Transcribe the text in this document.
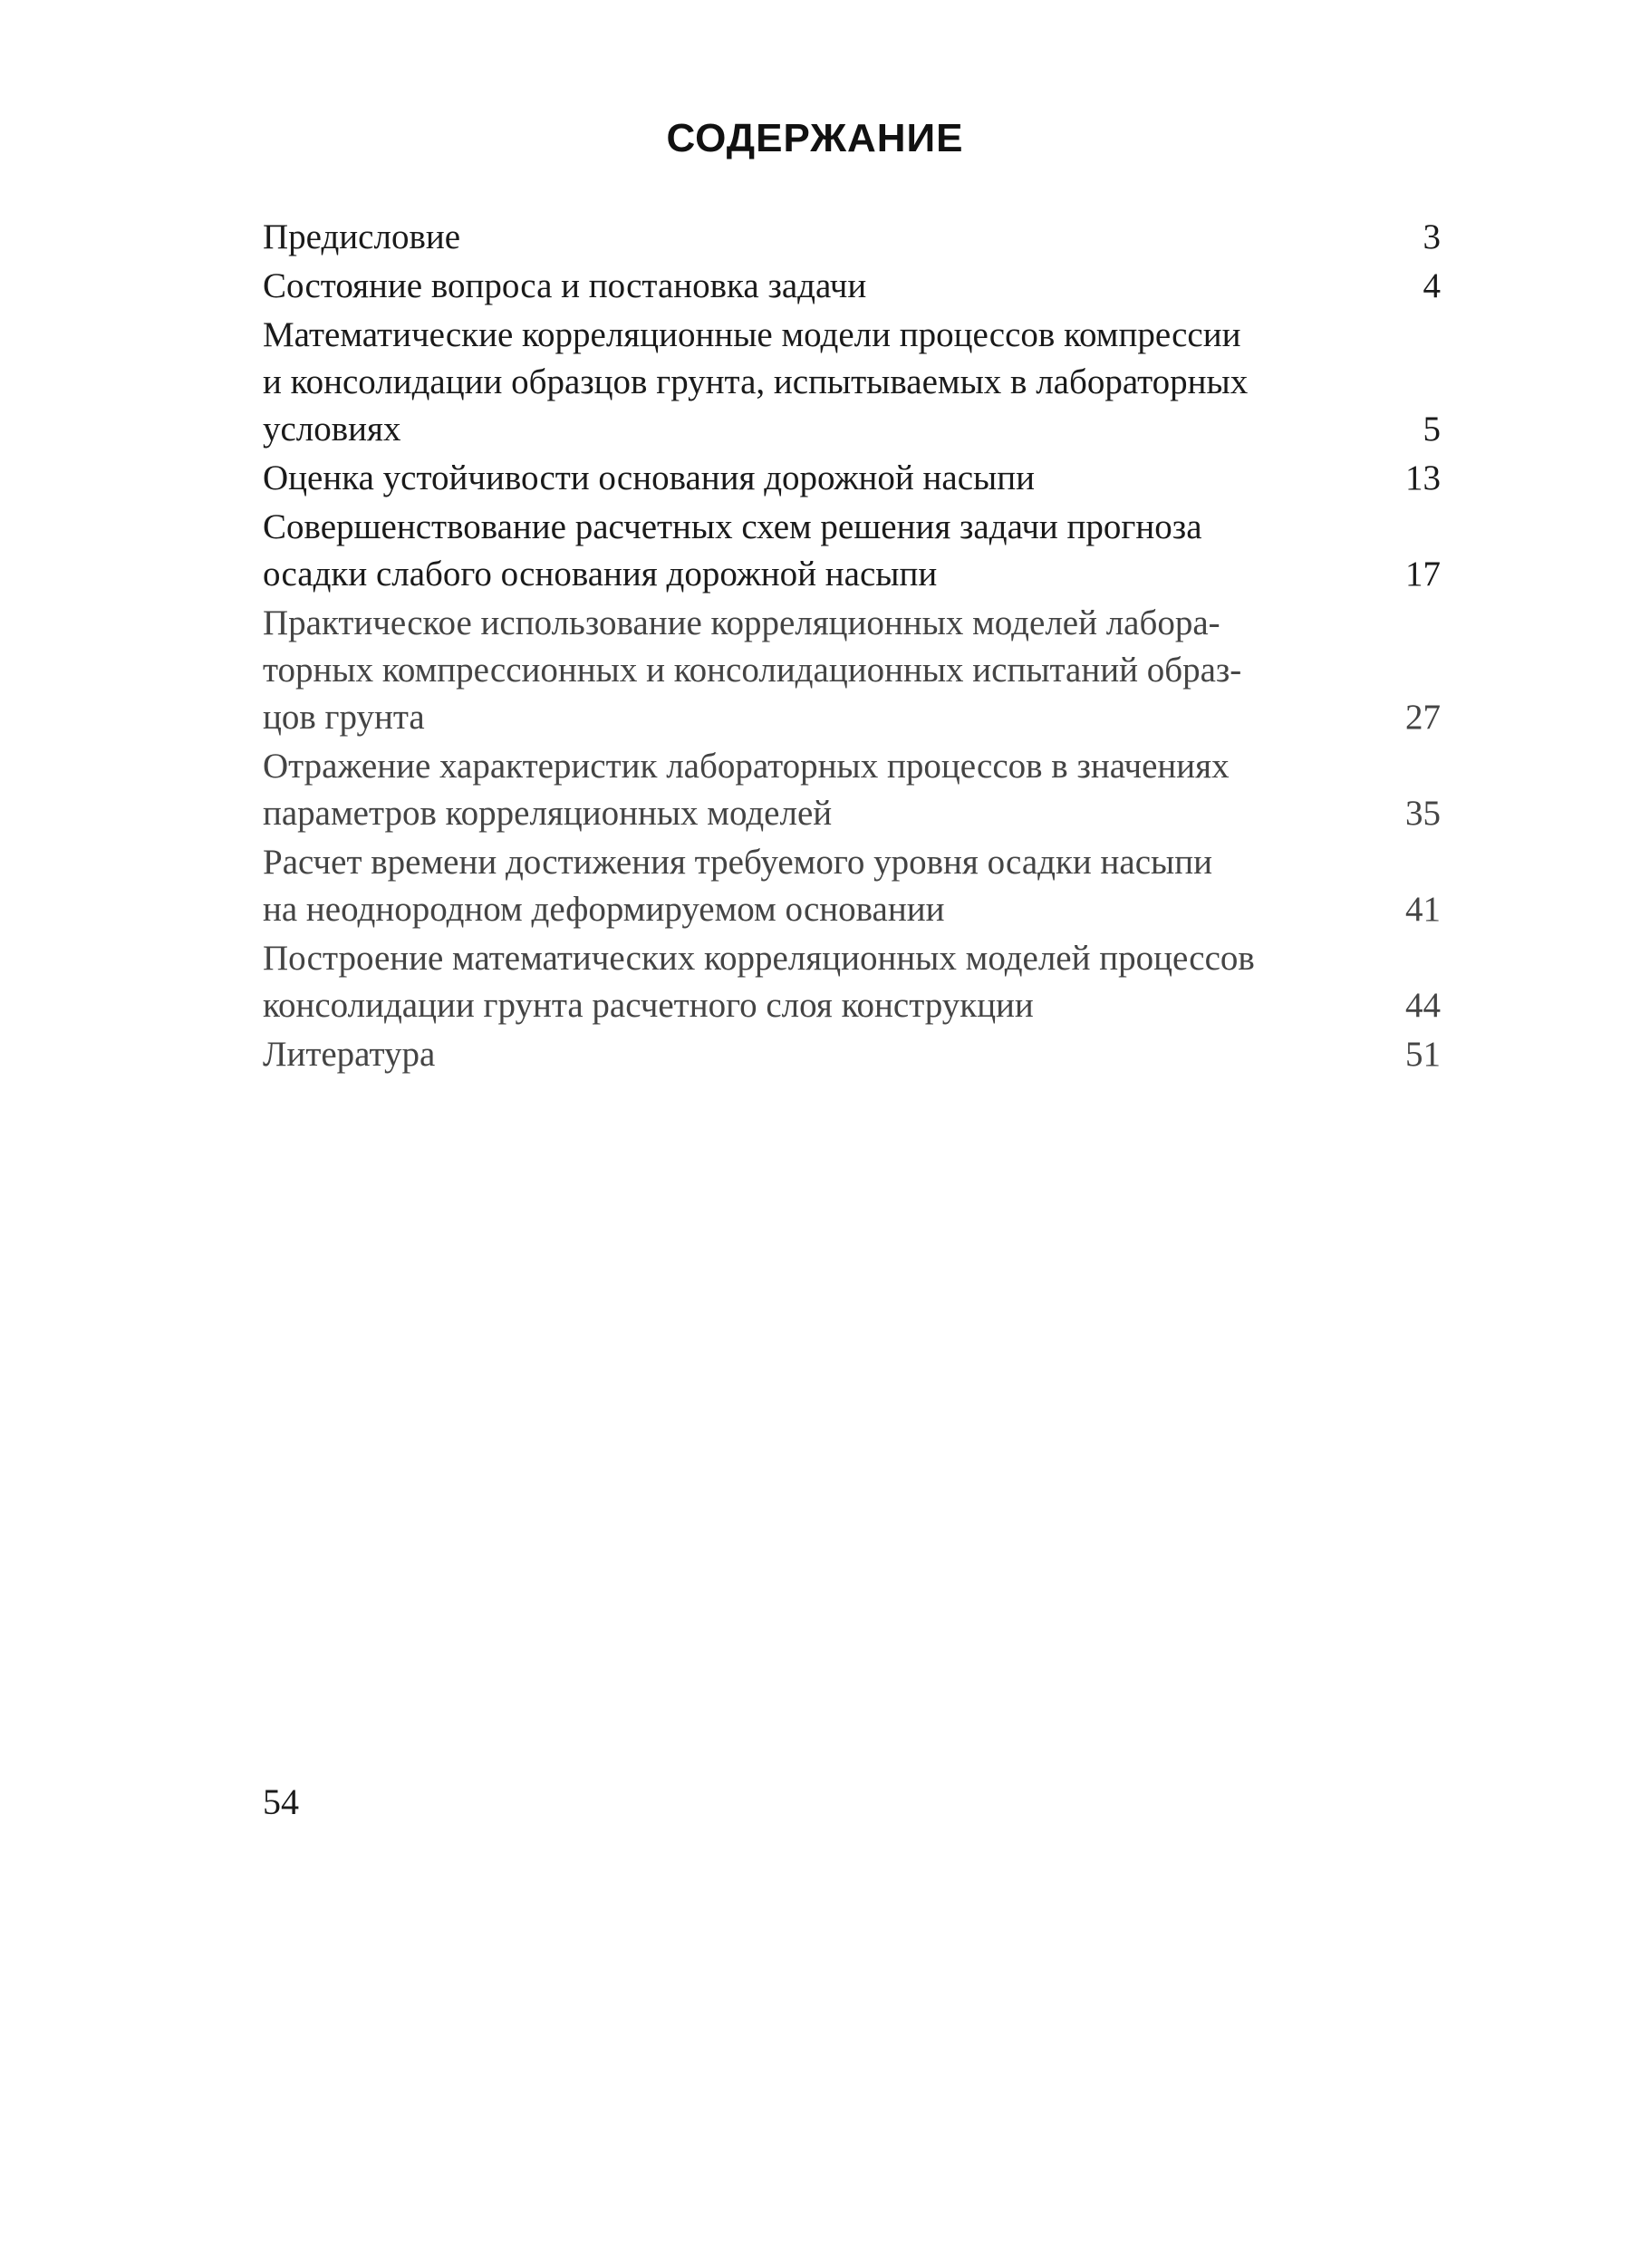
СОДЕРЖАНИЕ
Предисловие	3
Состояние вопроса и постановка задачи	4
Математические корреляционные модели процессов компрессии
и консолидации образцов грунта, испытываемых в лабораторных
условиях	5
Оценка устойчивости основания дорожной насыпи	13
Совершенствование расчетных схем решения задачи прогноза
осадки слабого основания дорожной насыпи	17
Практическое использование корреляционных моделей лабора-
торных компрессионных и консолидационных испытаний образ-
цов грунта	27
Отражение характеристик лабораторных процессов в значениях
параметров корреляционных моделей	35
Расчет времени достижения требуемого уровня осадки насыпи
на неоднородном деформируемом основании	41
Построение математических корреляционных моделей процессов
консолидации грунта расчетного слоя конструкции	44
Литература	51
54
